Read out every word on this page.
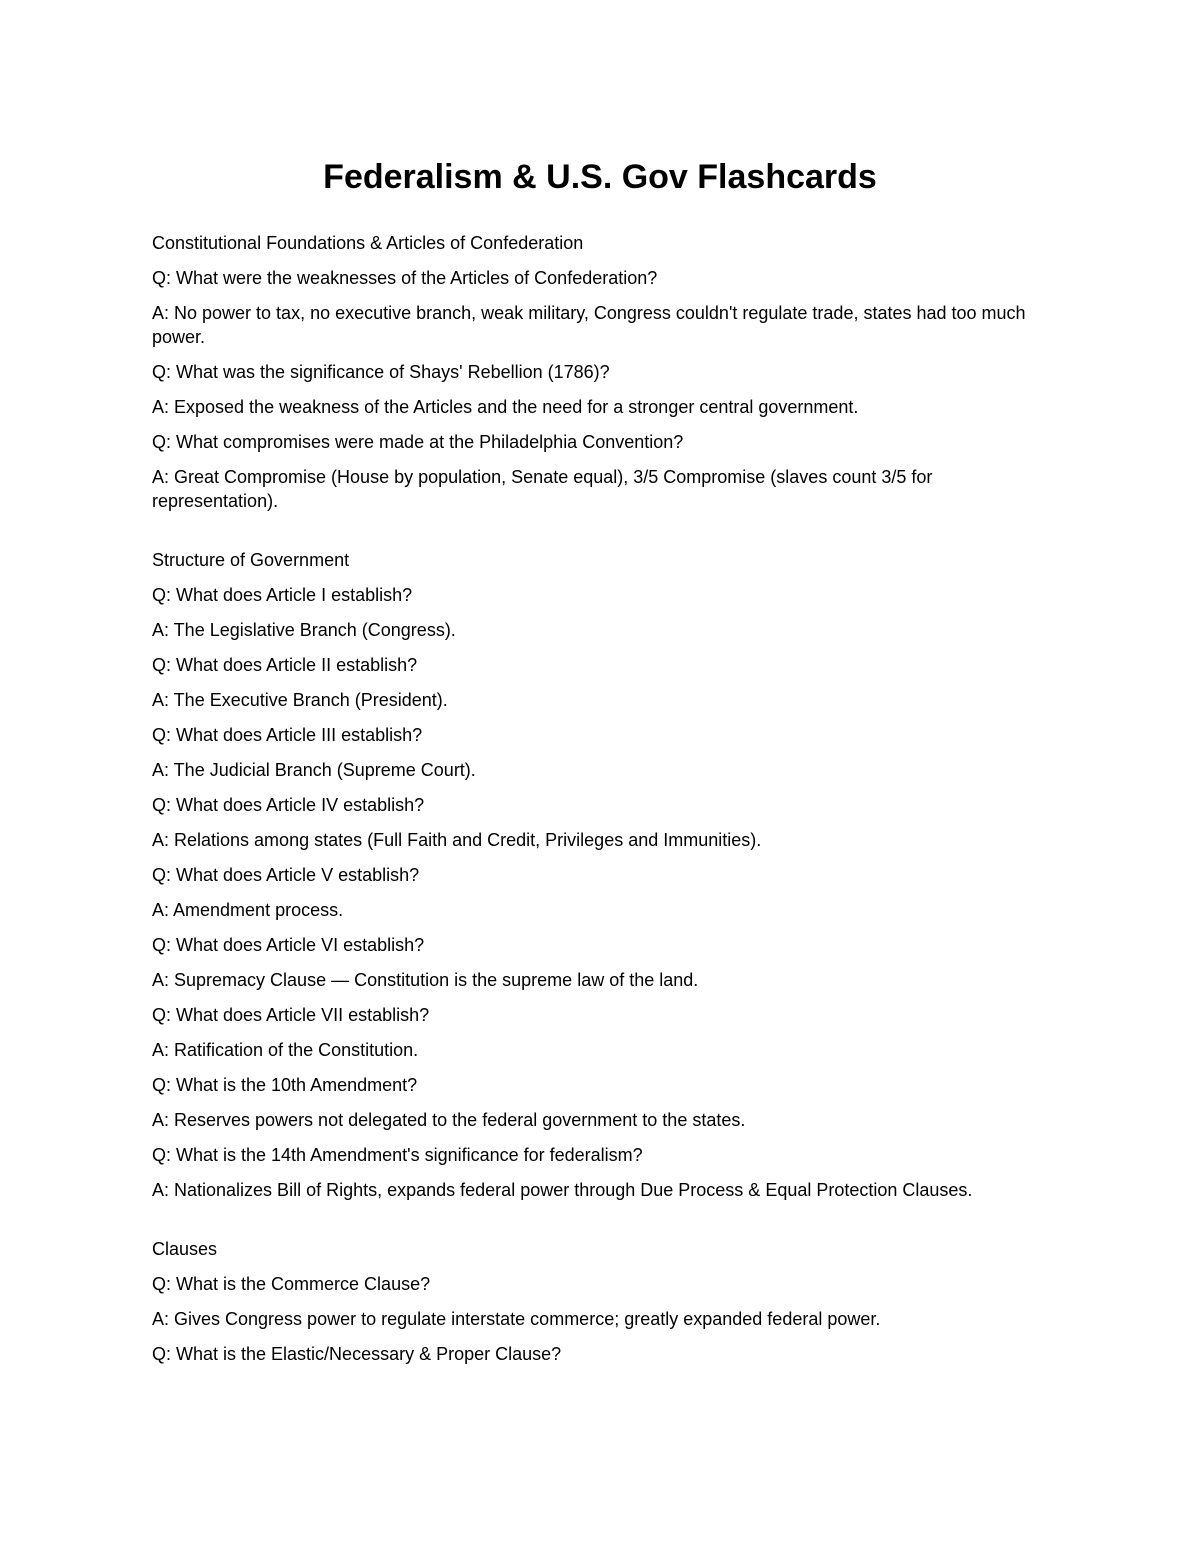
Federalism & U.S. Gov Flashcards

Constitutional Foundations & Articles of Confederation

Q: What were the weaknesses of the Articles of Confederation?

A: No power to tax, no executive branch, weak military, Congress couldn't regulate trade, states had too much power.

Q: What was the significance of Shays' Rebellion (1786)?

A: Exposed the weakness of the Articles and the need for a stronger central government.

Q: What compromises were made at the Philadelphia Convention?

A: Great Compromise (House by population, Senate equal), 3/5 Compromise (slaves count 3/5 for representation).

Structure of Government

Q: What does Article I establish?

A: The Legislative Branch (Congress).

Q: What does Article II establish?

A: The Executive Branch (President).

Q: What does Article III establish?

A: The Judicial Branch (Supreme Court).

Q: What does Article IV establish?

A: Relations among states (Full Faith and Credit, Privileges and Immunities).

Q: What does Article V establish?

A: Amendment process.

Q: What does Article VI establish?

A: Supremacy Clause — Constitution is the supreme law of the land.

Q: What does Article VII establish?

A: Ratification of the Constitution.

Q: What is the 10th Amendment?

A: Reserves powers not delegated to the federal government to the states.

Q: What is the 14th Amendment's significance for federalism?

A: Nationalizes Bill of Rights, expands federal power through Due Process & Equal Protection Clauses.

Clauses

Q: What is the Commerce Clause?

A: Gives Congress power to regulate interstate commerce; greatly expanded federal power.

Q: What is the Elastic/Necessary & Proper Clause?
